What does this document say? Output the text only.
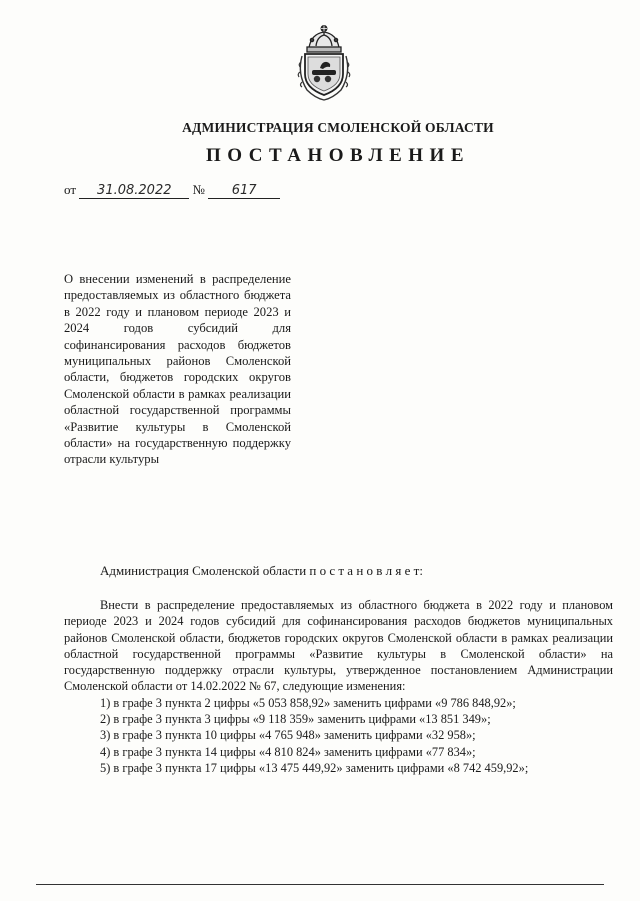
АДМИНИСТРАЦИЯ СМОЛЕНСКОЙ ОБЛАСТИ
ПОСТАНОВЛЕНИЕ
от 31.08.2022 № 617
О внесении изменений в распределение предоставляемых из областного бюджета в 2022 году и плановом периоде 2023 и 2024 годов субсидий для софинансирования расходов бюджетов муниципальных районов Смоленской области, бюджетов городских округов Смоленской области в рамках реализации областной государственной программы «Развитие культуры в Смоленской области» на государственную поддержку отрасли культуры
Администрация Смоленской области п о с т а н о в л я е т:

Внести в распределение предоставляемых из областного бюджета в 2022 году и плановом периоде 2023 и 2024 годов субсидий для софинансирования расходов бюджетов муниципальных районов Смоленской области, бюджетов городских округов Смоленской области в рамках реализации областной государственной программы «Развитие культуры в Смоленской области» на государственную поддержку отрасли культуры, утвержденное постановлением Администрации Смоленской области от 14.02.2022 № 67, следующие изменения:

1) в графе 3 пункта 2 цифры «5 053 858,92» заменить цифрами «9 786 848,92»;

2) в графе 3 пункта 3 цифры «9 118 359» заменить цифрами «13 851 349»;

3) в графе 3 пункта 10 цифры «4 765 948» заменить цифрами «32 958»;

4) в графе 3 пункта 14 цифры «4 810 824» заменить цифрами «77 834»;

5) в графе 3 пункта 17 цифры «13 475 449,92» заменить цифрами «8 742 459,92»;
